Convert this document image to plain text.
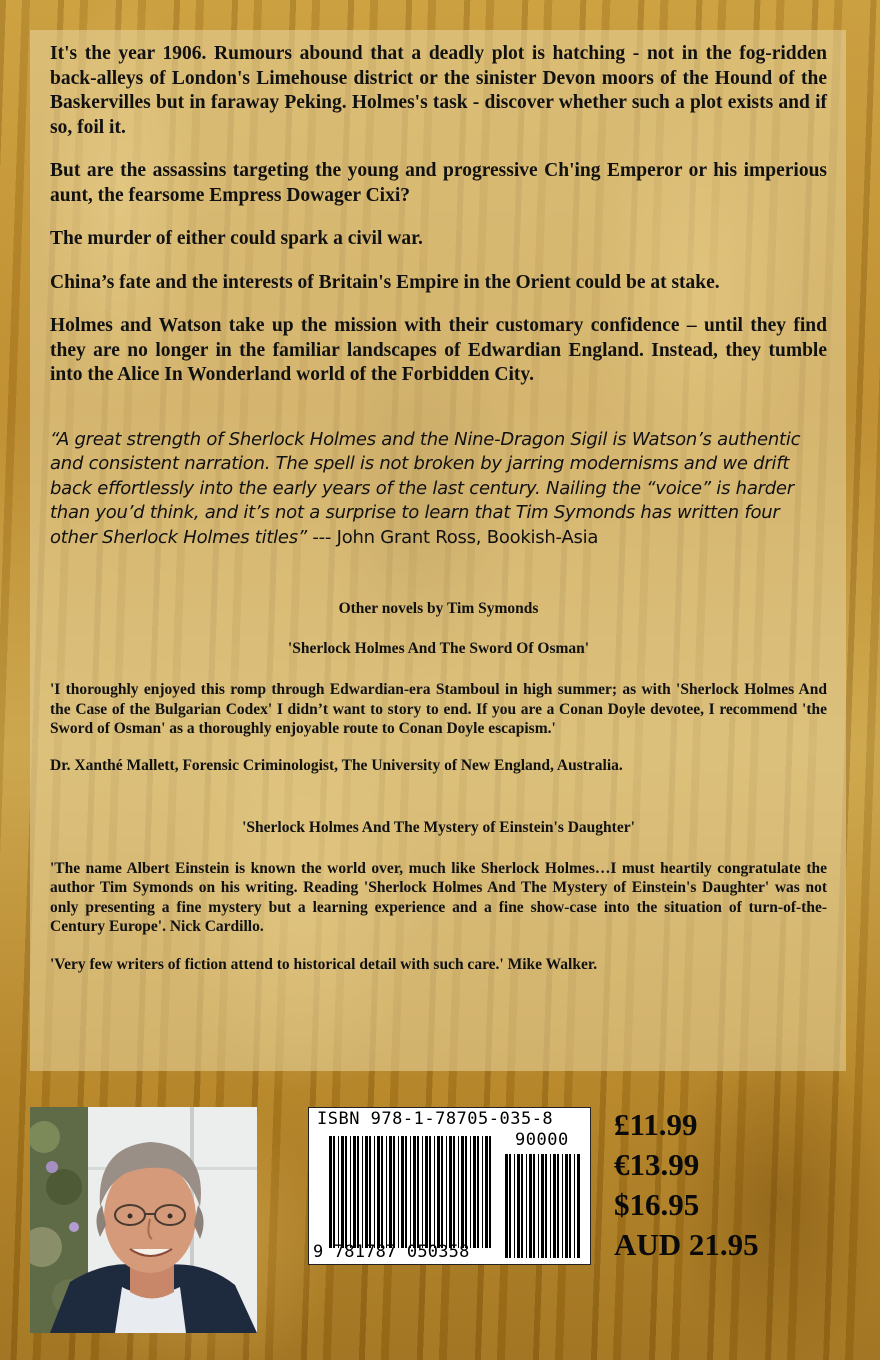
It's the year 1906. Rumours abound that a deadly plot is hatching - not in the fog-ridden back-alleys of London's Limehouse district or the sinister Devon moors of the Hound of the Baskervilles but in faraway Peking. Holmes's task - discover whether such a plot exists and if so, foil it.

But are the assassins targeting the young and progressive Ch'ing Emperor or his imperious aunt, the fearsome Empress Dowager Cixi?

The murder of either could spark a civil war.

China’s fate and the interests of Britain's Empire in the Orient could be at stake.

Holmes and Watson take up the mission with their customary confidence – until they find they are no longer in the familiar landscapes of Edwardian England. Instead, they tumble into the Alice In Wonderland world of the Forbidden City.

“A great strength of Sherlock Holmes and the Nine-Dragon Sigil is Watson’s authentic and consistent narration. The spell is not broken by jarring modernisms and we drift back effortlessly into the early years of the last century. Nailing the “voice” is harder than you’d think, and it’s not a surprise to learn that Tim Symonds has written four other Sherlock Holmes titles” --- John Grant Ross, Bookish-Asia

Other novels by Tim Symonds

'Sherlock Holmes And The Sword Of Osman'

'I thoroughly enjoyed this romp through Edwardian-era Stamboul in high summer; as with 'Sherlock Holmes And the Case of the Bulgarian Codex' I didn’t want to story to end. If you are a Conan Doyle devotee, I recommend 'the Sword of Osman' as a thoroughly enjoyable route to Conan Doyle escapism.'

Dr. Xanthé Mallett, Forensic Criminologist, The University of New England, Australia.

'Sherlock Holmes And The Mystery of Einstein's Daughter'

'The name Albert Einstein is known the world over, much like Sherlock Holmes…I must heartily congratulate the author Tim Symonds on his writing. Reading 'Sherlock Holmes And The Mystery of Einstein's Daughter' was not only presenting a fine mystery but a learning experience and a fine show-case into the situation of turn-of-the-Century Europe'. Nick Cardillo.

'Very few writers of fiction attend to historical detail with such care.' Mike Walker.

ISBN 978-1-78705-035-8
90000
9 781787 050358
£11.99
€13.99
$16.95
AUD 21.95
